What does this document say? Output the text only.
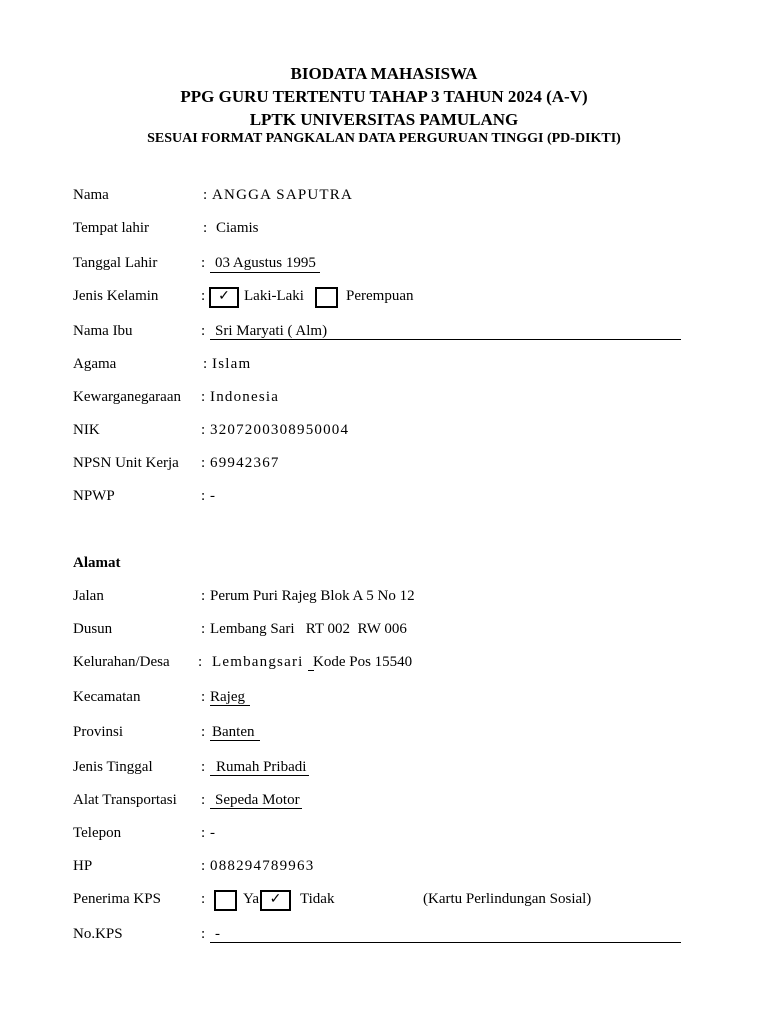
BIODATA MAHASISWA
PPG GURU TERTENTU TAHAP 3 TAHUN 2024 (A-V)
LPTK UNIVERSITAS PAMULANG
SESUAI FORMAT PANGKALAN DATA PERGURUAN TINGGI (PD-DIKTI)
Nama	: ANGGA SAPUTRA
Tempat lahir	: Ciamis
Tanggal Lahir	: 03 Agustus 1995
Jenis Kelamin	: ✓ Laki-Laki	Perempuan
Nama Ibu	: Sri Maryati ( Alm)
Agama	: Islam
Kewarganegaraan : Indonesia
NIK	: 3207200308950004
NPSN Unit Kerja : 69942367
NPWP	: -
Alamat
Jalan	: Perum Puri Rajeg Blok A 5 No 12
Dusun	: Lembang Sari   RT 002  RW 006
Kelurahan/Desa : Lembangsari Kode Pos 15540
Kecamatan	: Rajeg
Provinsi	: Banten
Jenis Tinggal	: Rumah Pribadi
Alat Transportasi : Sepeda Motor
Telepon	: -
HP	: 088294789963
Penerima KPS	:	Ya ✓	Tidak	(Kartu Perlindungan Sosial)
No.KPS	: -
